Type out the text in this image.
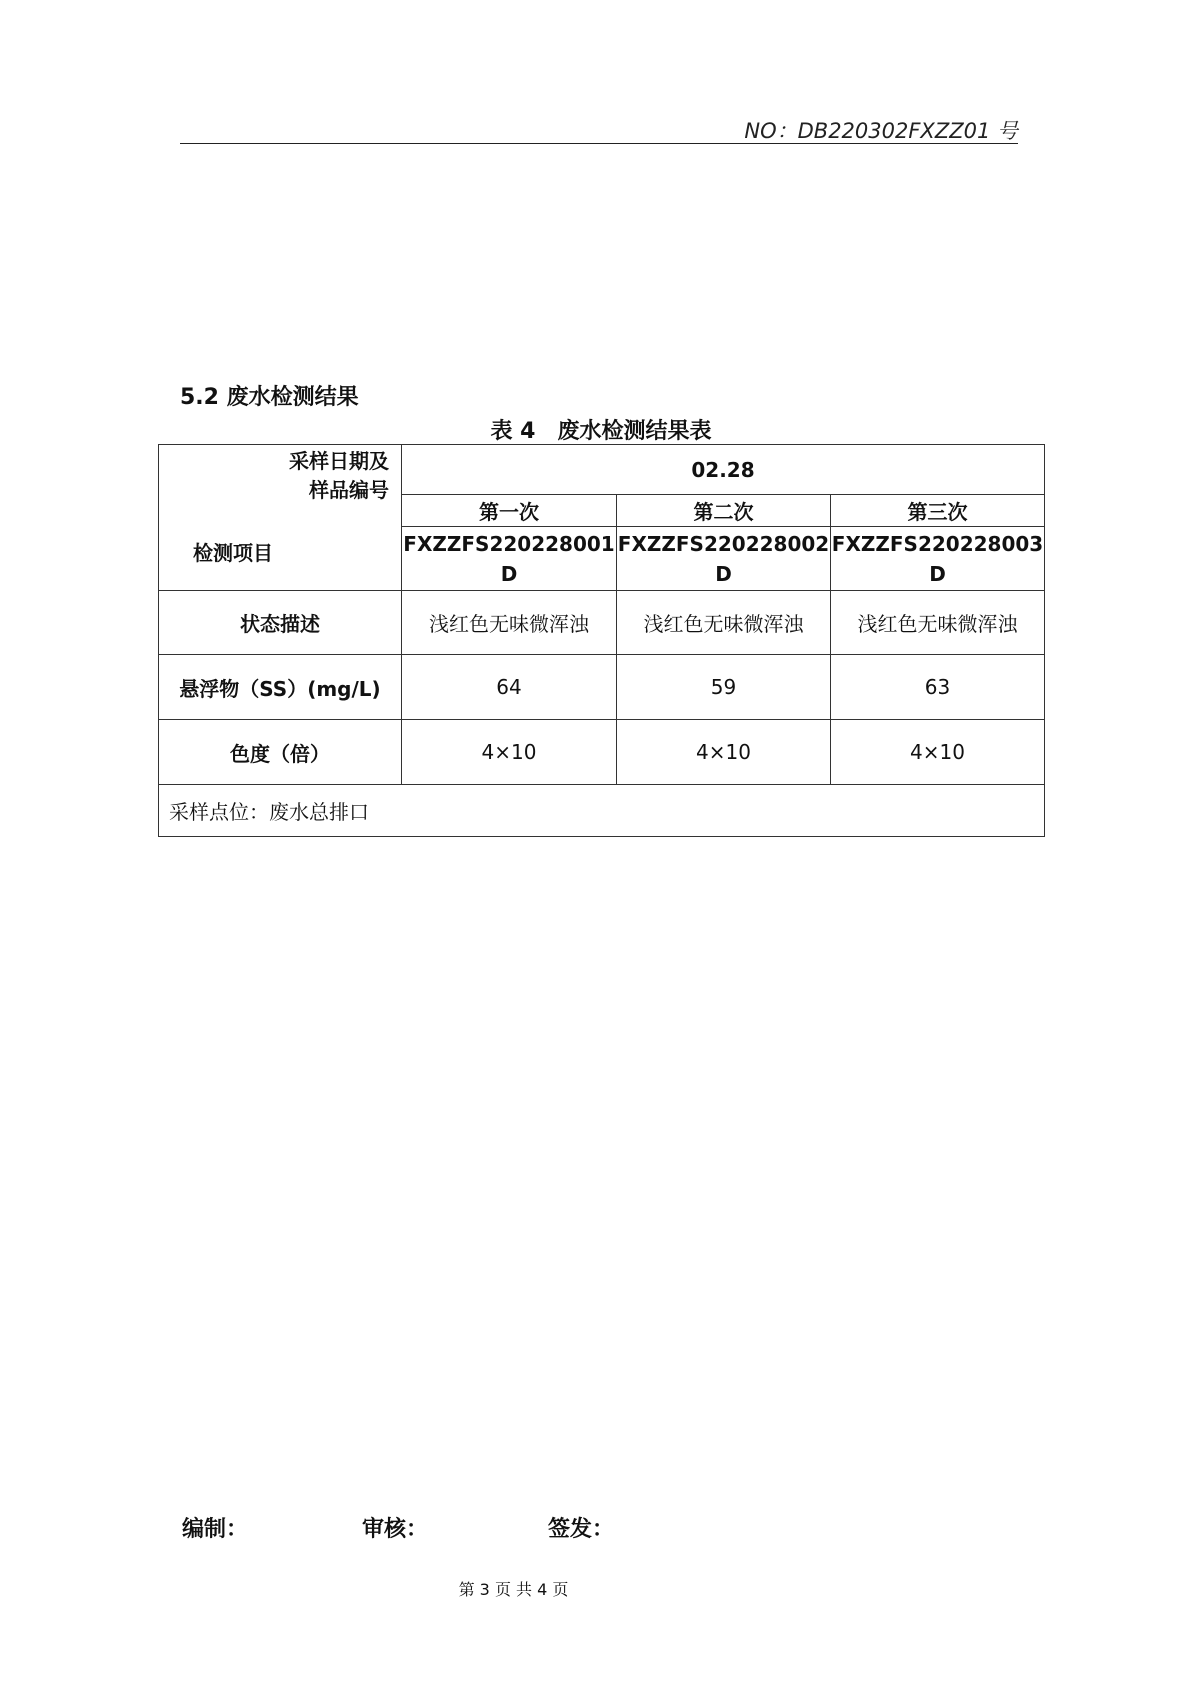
NO：DB220302FXZZ01 号
5.2 废水检测结果
表 4　废水检测结果表
采样日期及
样品编号
检测项目	02.28		
	第一次	第二次	第三次
	FXZZFS220228001D	FXZZFS220228002D	FXZZFS220228003D
状态描述	浅红色无味微浑浊	浅红色无味微浑浊	浅红色无味微浑浊
悬浮物（SS）(mg/L)	64	59	63
色度（倍）	4×10	4×10	4×10
采样点位：废水总排口			
编制：	审核：	签发：
第 3 页 共 4 页
